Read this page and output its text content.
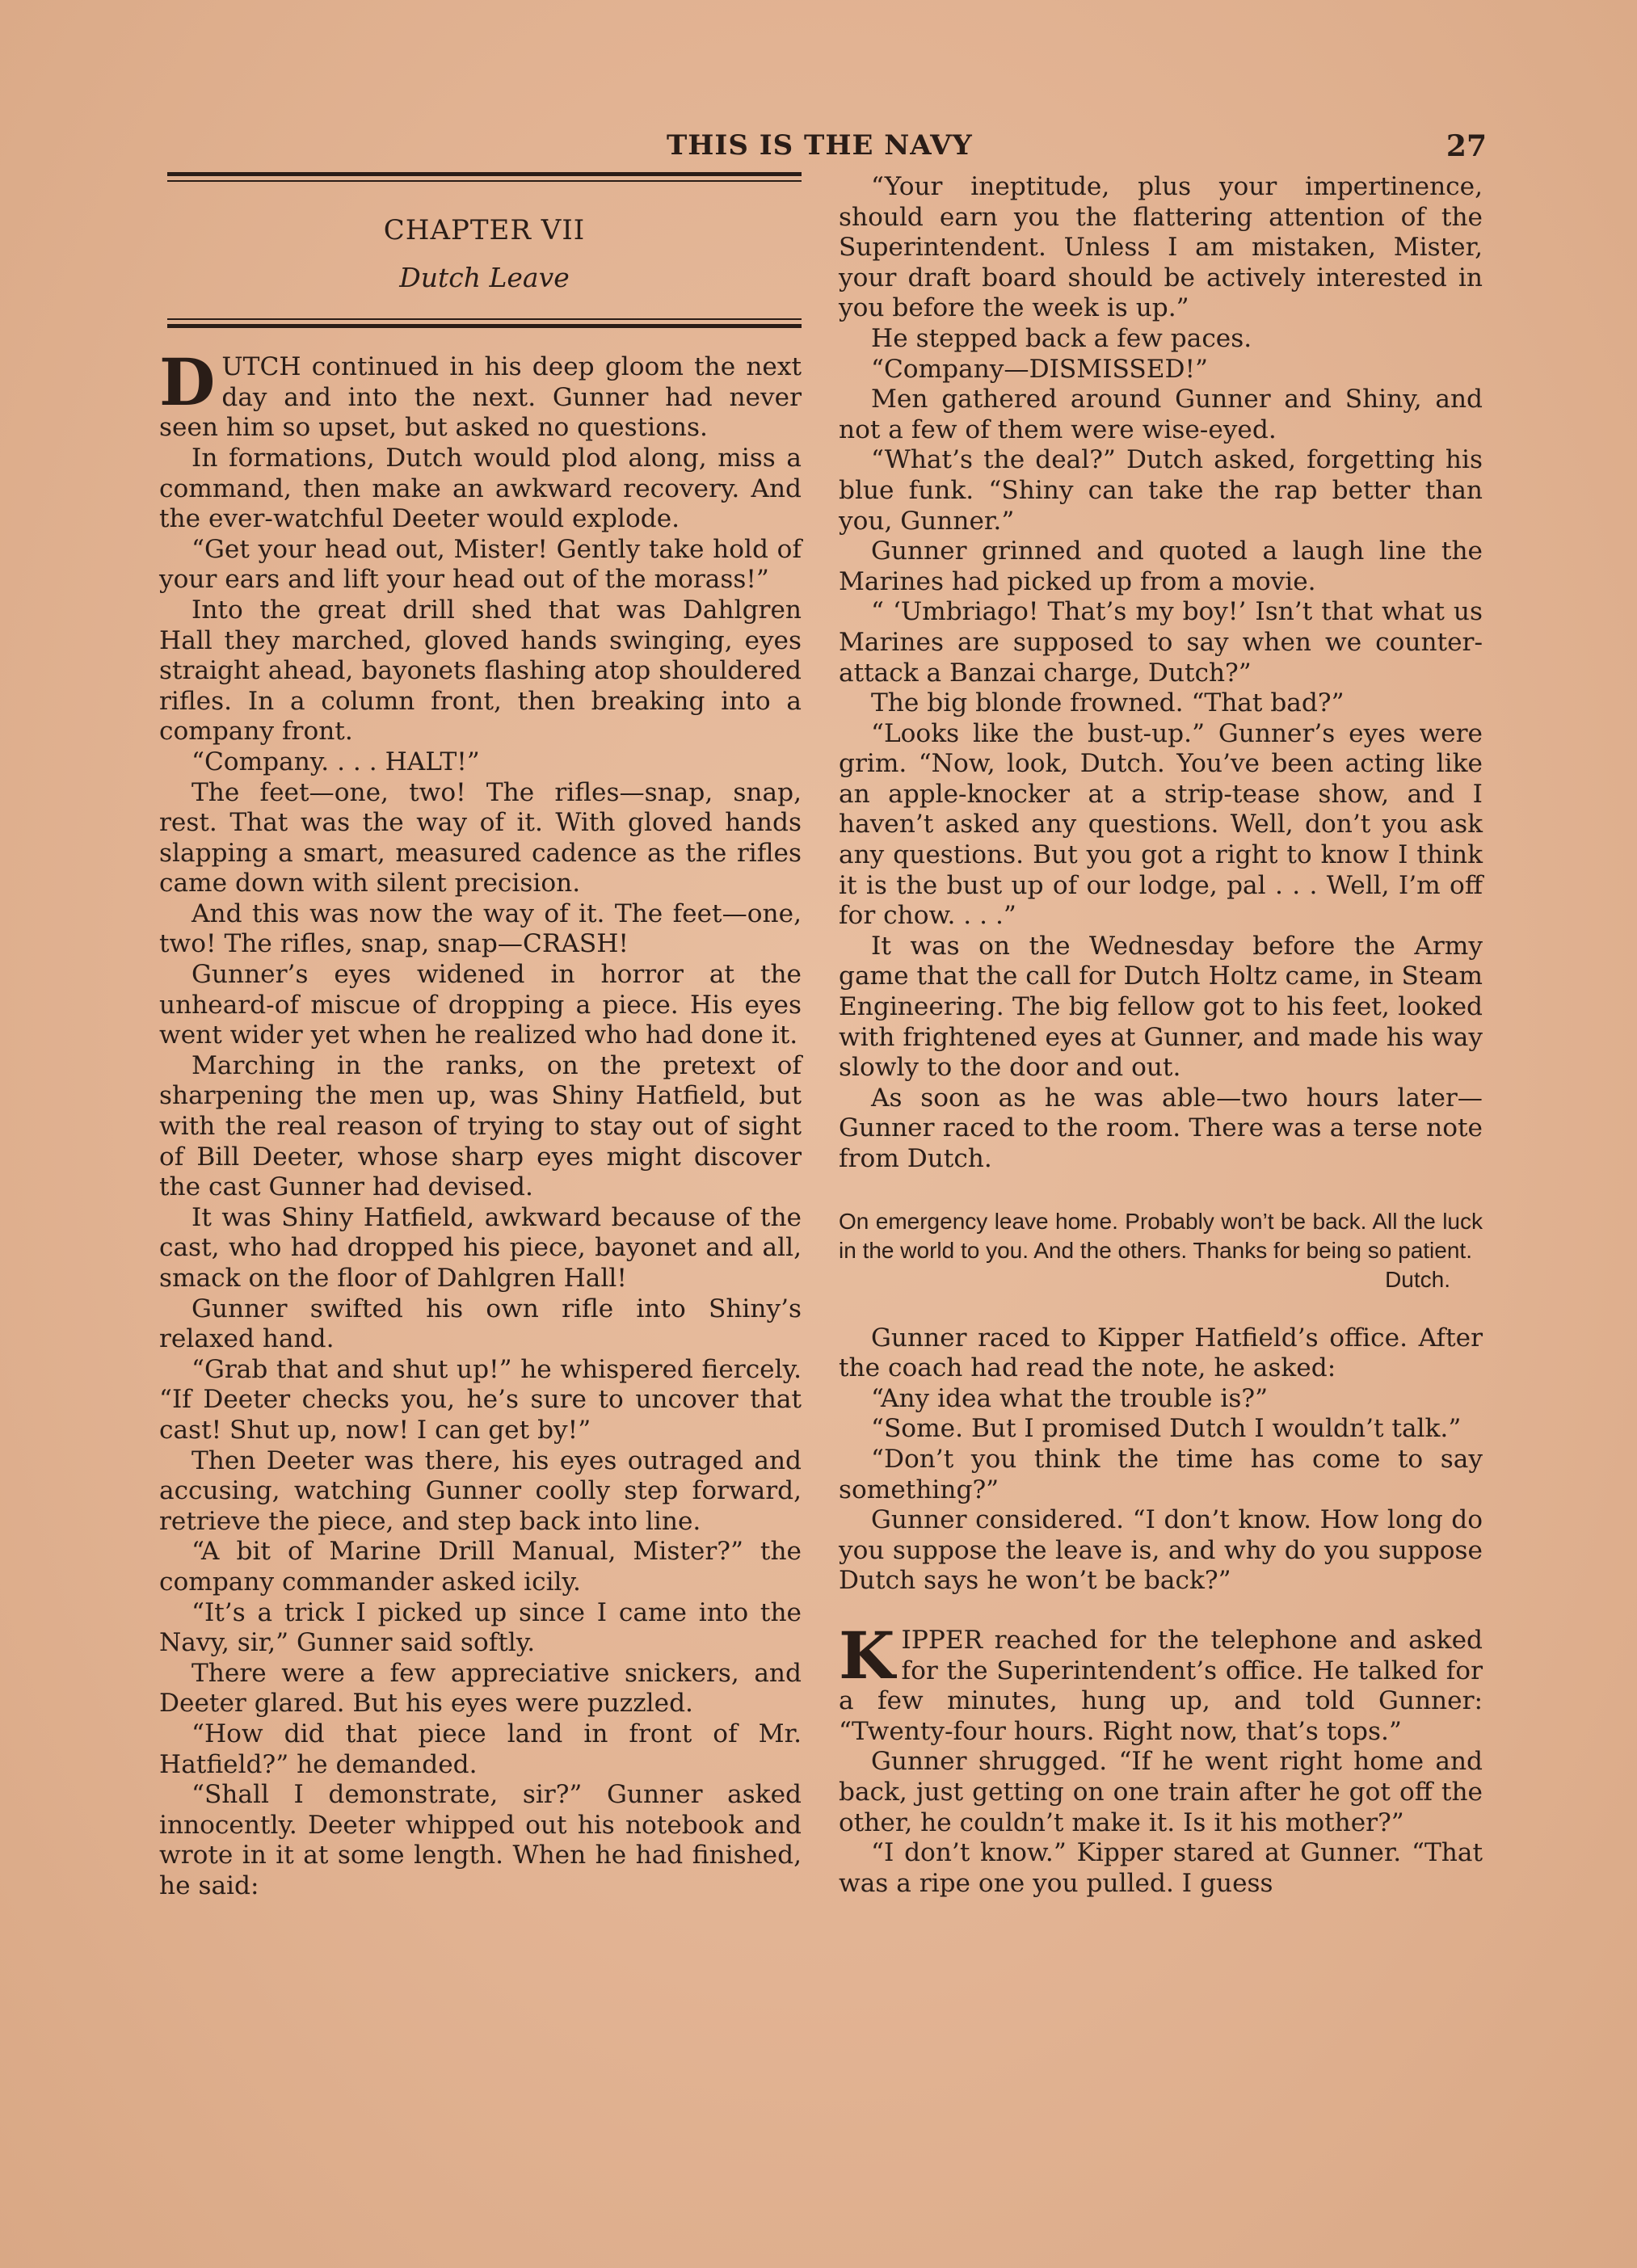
THIS IS THE NAVY	27
CHAPTER VII
Dutch Leave

DUTCH continued in his deep gloom the next day and into the next. Gunner had never seen him so upset, but asked no questions.

In formations, Dutch would plod along, miss a command, then make an awkward recovery. And the ever-watchful Deeter would explode.

“Get your head out, Mister! Gently take hold of your ears and lift your head out of the morass!”

Into the great drill shed that was Dahlgren Hall they marched, gloved hands swinging, eyes straight ahead, bayonets flashing atop shouldered rifles. In a column front, then breaking into a company front.

“Company. . . . HALT!”

The feet—one, two! The rifles—snap, snap, rest. That was the way of it. With gloved hands slapping a smart, measured cadence as the rifles came down with silent precision.

And this was now the way of it. The feet—one, two! The rifles, snap, snap—CRASH!

Gunner’s eyes widened in horror at the unheard-of miscue of dropping a piece. His eyes went wider yet when he realized who had done it.

Marching in the ranks, on the pretext of sharpening the men up, was Shiny Hatfield, but with the real reason of trying to stay out of sight of Bill Deeter, whose sharp eyes might discover the cast Gunner had devised.

It was Shiny Hatfield, awkward because of the cast, who had dropped his piece, bayonet and all, smack on the floor of Dahlgren Hall!

Gunner swifted his own rifle into Shiny’s relaxed hand.

“Grab that and shut up!” he whispered fiercely. “If Deeter checks you, he’s sure to uncover that cast! Shut up, now! I can get by!”

Then Deeter was there, his eyes outraged and accusing, watching Gunner coolly step forward, retrieve the piece, and step back into line.

“A bit of Marine Drill Manual, Mister?” the company commander asked icily.

“It’s a trick I picked up since I came into the Navy, sir,” Gunner said softly.

There were a few appreciative snickers, and Deeter glared. But his eyes were puzzled.

“How did that piece land in front of Mr. Hatfield?” he demanded.

“Shall I demonstrate, sir?” Gunner asked innocently. Deeter whipped out his notebook and wrote in it at some length. When he had finished, he said:

“Your ineptitude, plus your impertinence, should earn you the flattering attention of the Superintendent. Unless I am mistaken, Mister, your draft board should be actively interested in you before the week is up.”

He stepped back a few paces.

“Company—DISMISSED!”

Men gathered around Gunner and Shiny, and not a few of them were wise-eyed.

“What’s the deal?” Dutch asked, forgetting his blue funk. “Shiny can take the rap better than you, Gunner.”

Gunner grinned and quoted a laugh line the Marines had picked up from a movie.

“ ‘Umbriago! That’s my boy!’ Isn’t that what us Marines are supposed to say when we counter-attack a Banzai charge, Dutch?”

The big blonde frowned. “That bad?”

“Looks like the bust-up.” Gunner’s eyes were grim. “Now, look, Dutch. You’ve been acting like an apple-knocker at a strip-tease show, and I haven’t asked any questions. Well, don’t you ask any questions. But you got a right to know I think it is the bust up of our lodge, pal . . . Well, I’m off for chow. . . .”

It was on the Wednesday before the Army game that the call for Dutch Holtz came, in Steam Engineering. The big fellow got to his feet, looked with frightened eyes at Gunner, and made his way slowly to the door and out.

As soon as he was able—two hours later—Gunner raced to the room. There was a terse note from Dutch.

On emergency leave home. Probably won’t be back. All the luck in the world to you. And the others. Thanks for being so patient.

Dutch.

Gunner raced to Kipper Hatfield’s office. After the coach had read the note, he asked:

“Any idea what the trouble is?”

“Some. But I promised Dutch I wouldn’t talk.”

“Don’t you think the time has come to say something?”

Gunner considered. “I don’t know. How long do you suppose the leave is, and why do you suppose Dutch says he won’t be back?”

KIPPER reached for the telephone and asked for the Superintendent’s office. He talked for a few minutes, hung up, and told Gunner: “Twenty-four hours. Right now, that’s tops.”

Gunner shrugged. “If he went right home and back, just getting on one train after he got off the other, he couldn’t make it. Is it his mother?”

“I don’t know.” Kipper stared at Gunner. “That was a ripe one you pulled. I guess
